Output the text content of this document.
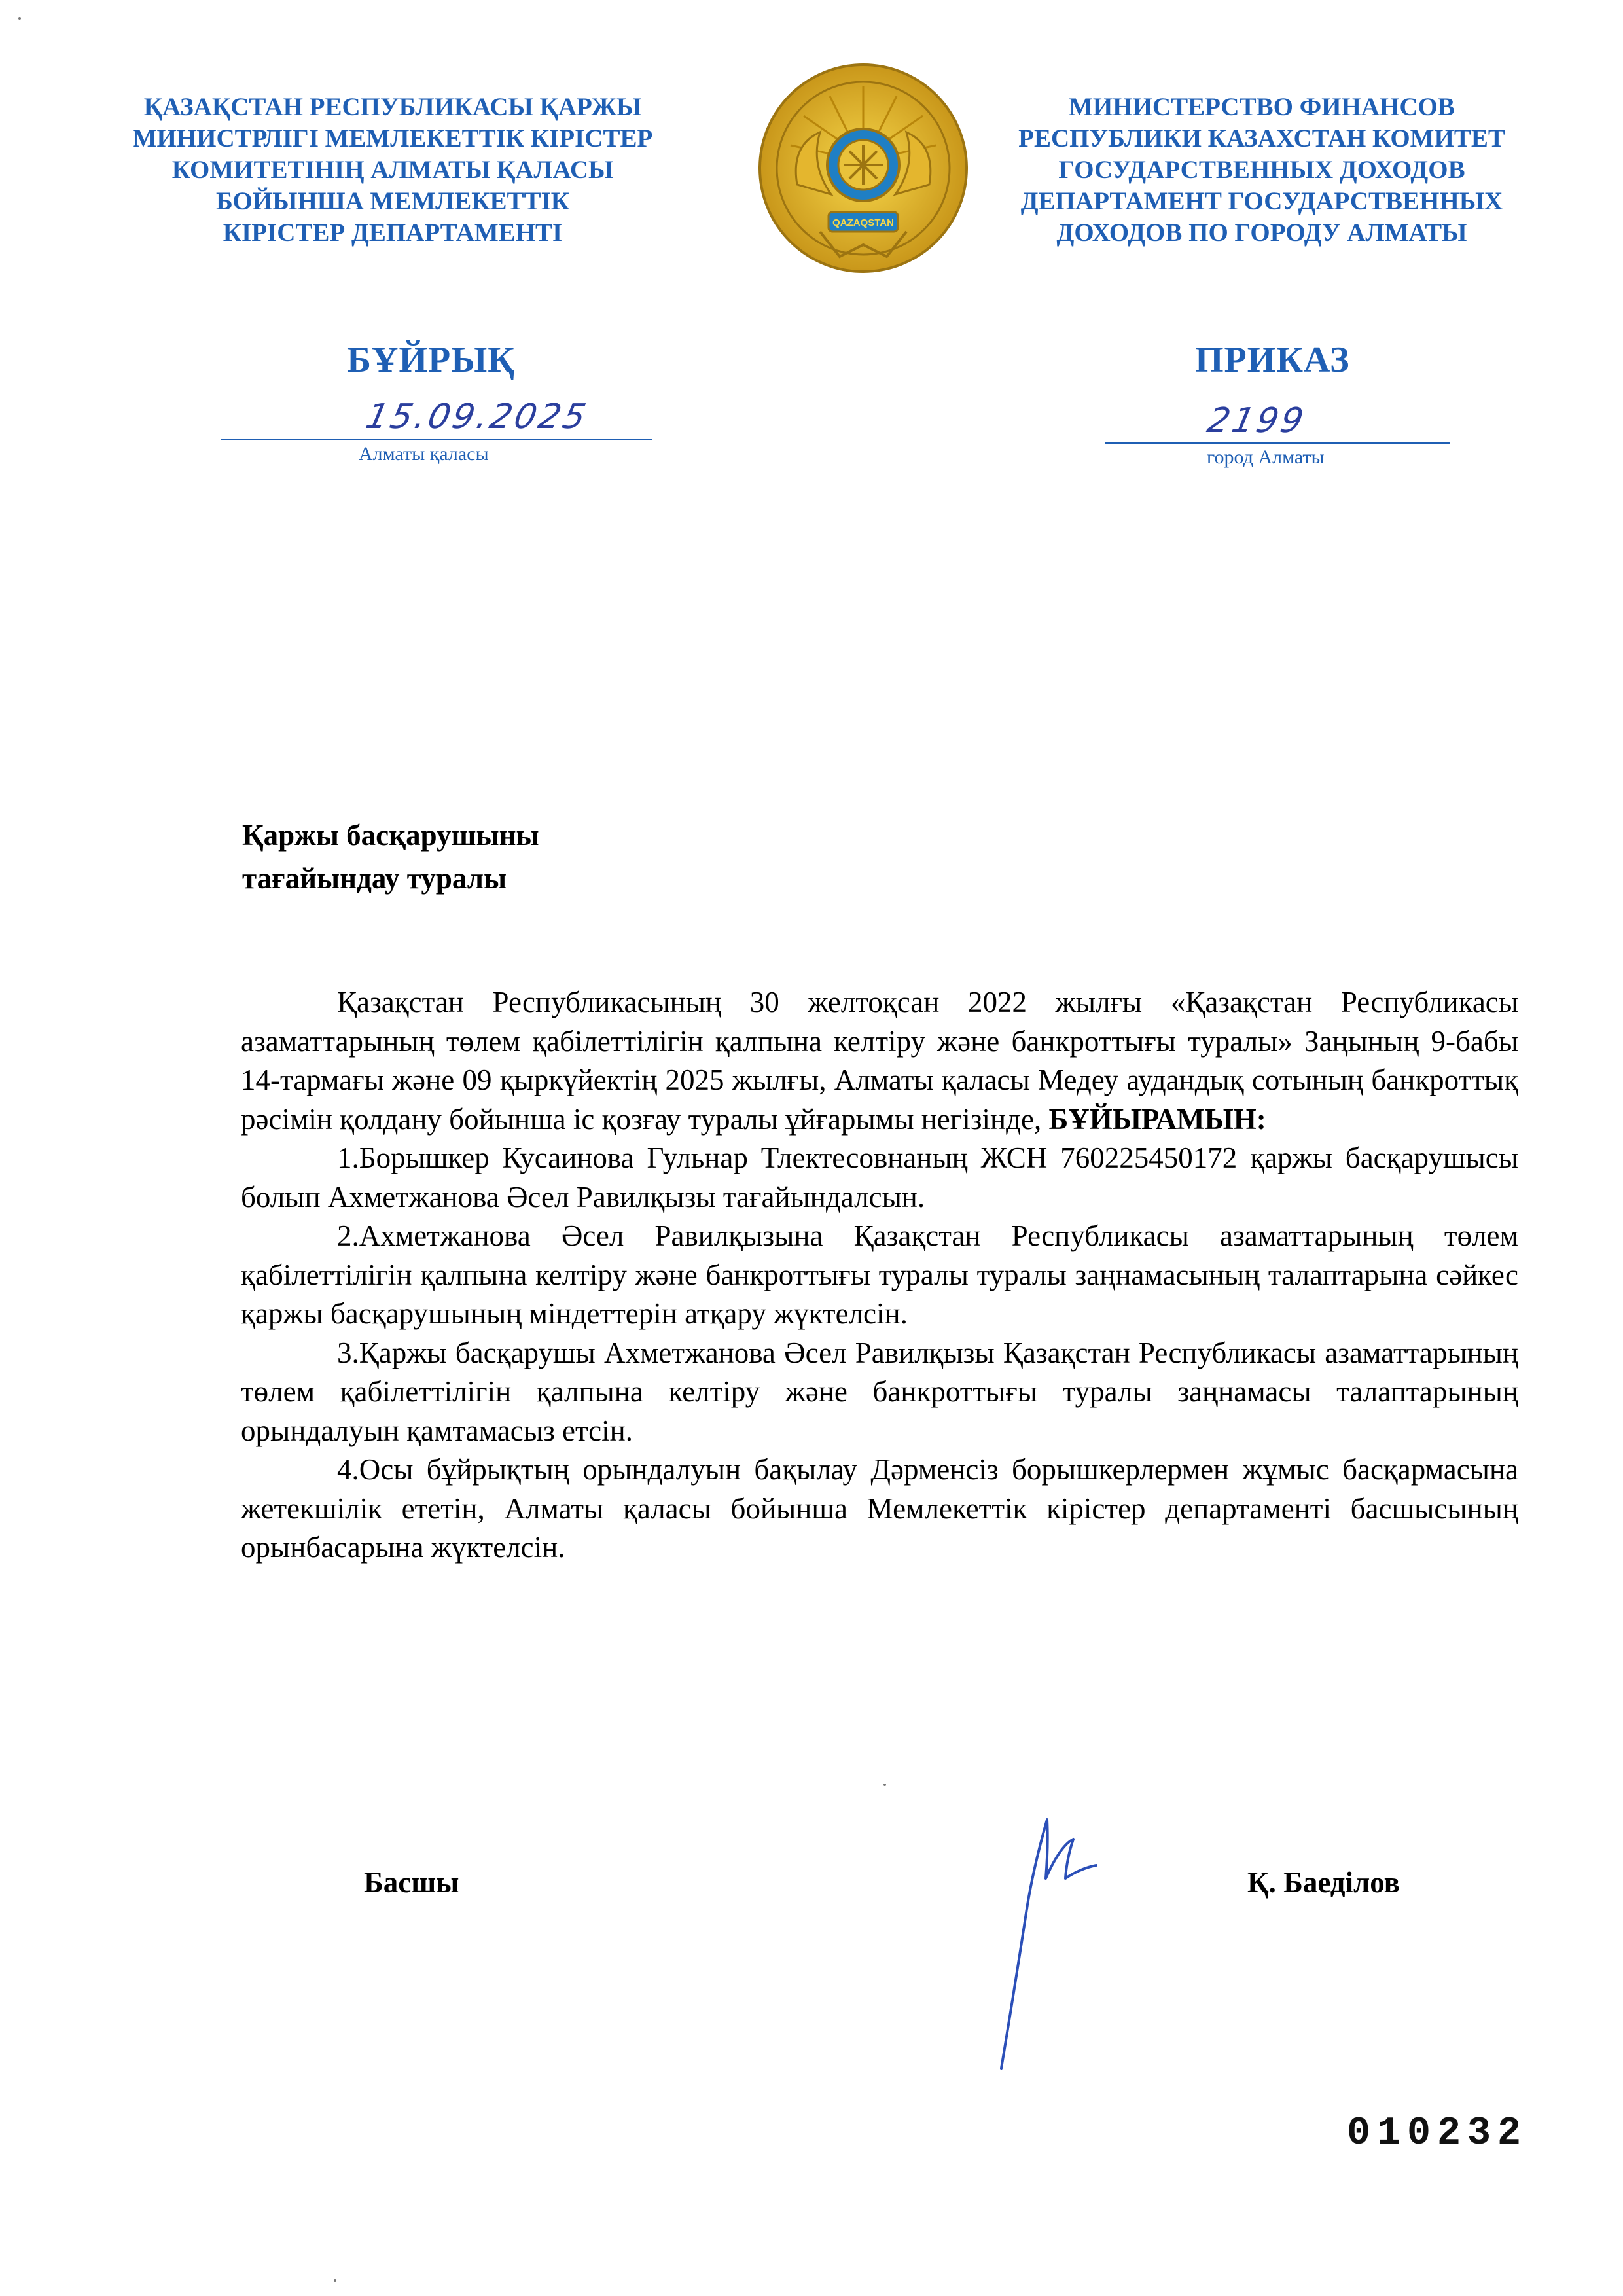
ҚАЗАҚСТАН РЕСПУБЛИКАСЫ ҚАРЖЫ
МИНИСТРЛІГІ МЕМЛЕКЕТТІК КІРІСТЕР
КОМИТЕТІНІҢ АЛМАТЫ ҚАЛАСЫ
БОЙЫНША МЕМЛЕКЕТТІК
КІРІСТЕР ДЕПАРТАМЕНТІ	QAZAQSTAN
МИНИСТЕРСТВО ФИНАНСОВ
РЕСПУБЛИКИ КАЗАХСТАН КОМИТЕТ
ГОСУДАРСТВЕННЫХ ДОХОДОВ
ДЕПАРТАМЕНТ ГОСУДАРСТВЕННЫХ
ДОХОДОВ ПО ГОРОДУ АЛМАТЫ
БҰЙРЫҚ	ПРИКАЗ
15.09.2025	2199
Алматы қаласы	город Алматы
Қаржы басқарушыны
тағайындау туралы

Қазақстан Республикасының 30 желтоқсан 2022 жылғы «Қазақстан Республикасы азаматтарының төлем қабілеттілігін қалпына келтіру және банкроттығы туралы» Заңының 9-бабы 14-тармағы және 09 қыркүйектің 2025 жылғы, Алматы қаласы Медеу аудандық сотының банкроттық рәсімін қолдану бойынша іс қозғау туралы ұйғарымы негізінде, БҰЙЫРАМЫН:

1.Борышкер Кусаинова Гульнар Тлектесовнаның ЖСН 760225450172 қаржы басқарушысы болып Ахметжанова Әсел Равилқызы тағайындалсын.

2.Ахметжанова Әсел Равилқызына Қазақстан Республикасы азаматтарының төлем қабілеттілігін қалпына келтіру және банкроттығы туралы туралы заңнамасының талаптарына сәйкес қаржы басқарушының міндеттерін атқару жүктелсін.

3.Қаржы басқарушы Ахметжанова Әсел Равилқызы Қазақстан Республикасы азаматтарының төлем қабілеттілігін қалпына келтіру және банкроттығы туралы заңнамасы талаптарының орындалуын қамтамасыз етсін.

4.Осы бұйрықтың орындалуын бақылау Дәрменсіз борышкерлермен жұмыс басқармасына жетекшілік ететін, Алматы қаласы бойынша Мемлекеттік кірістер департаменті басшысының орынбасарына жүктелсін.

Басшы	Қ. Баеділов
010232
